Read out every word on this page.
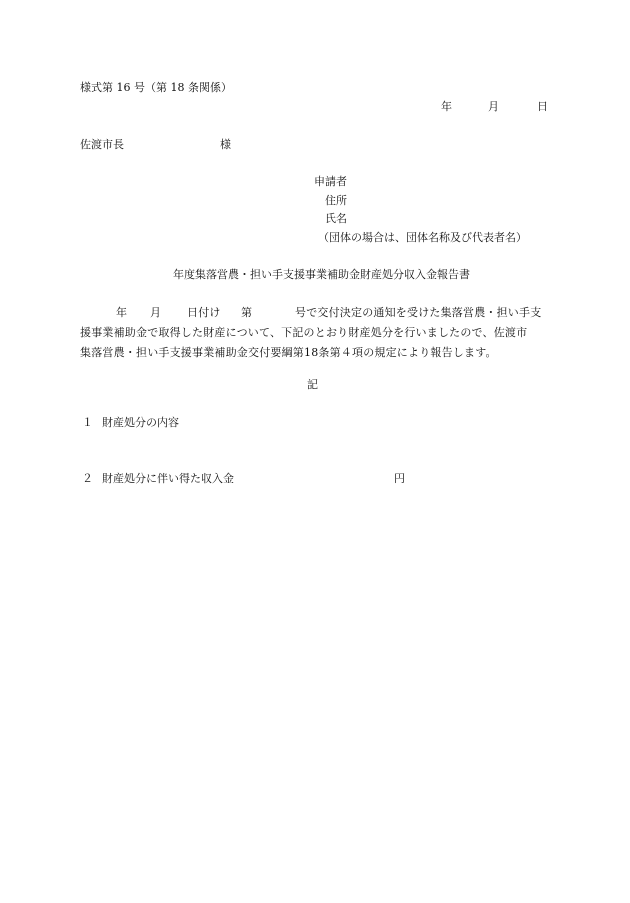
様式第 16 号（第 18 条関係）
年	月	日
佐渡市長	様
申請者
住所
氏名
（団体の場合は、団体名称及び代表者名）
年度集落営農・担い手支援事業補助金財産処分収入金報告書
年 月 日付け 第	号で交付決定の通知を受けた集落営農・担い手支
援事業補助金で取得した財産について、下記のとおり財産処分を行いましたので、佐渡市
集落営農・担い手支援事業補助金交付要綱第18条第４項の規定により報告します。
記
１ 財産処分の内容
２ 財産処分に伴い得た収入金	円
